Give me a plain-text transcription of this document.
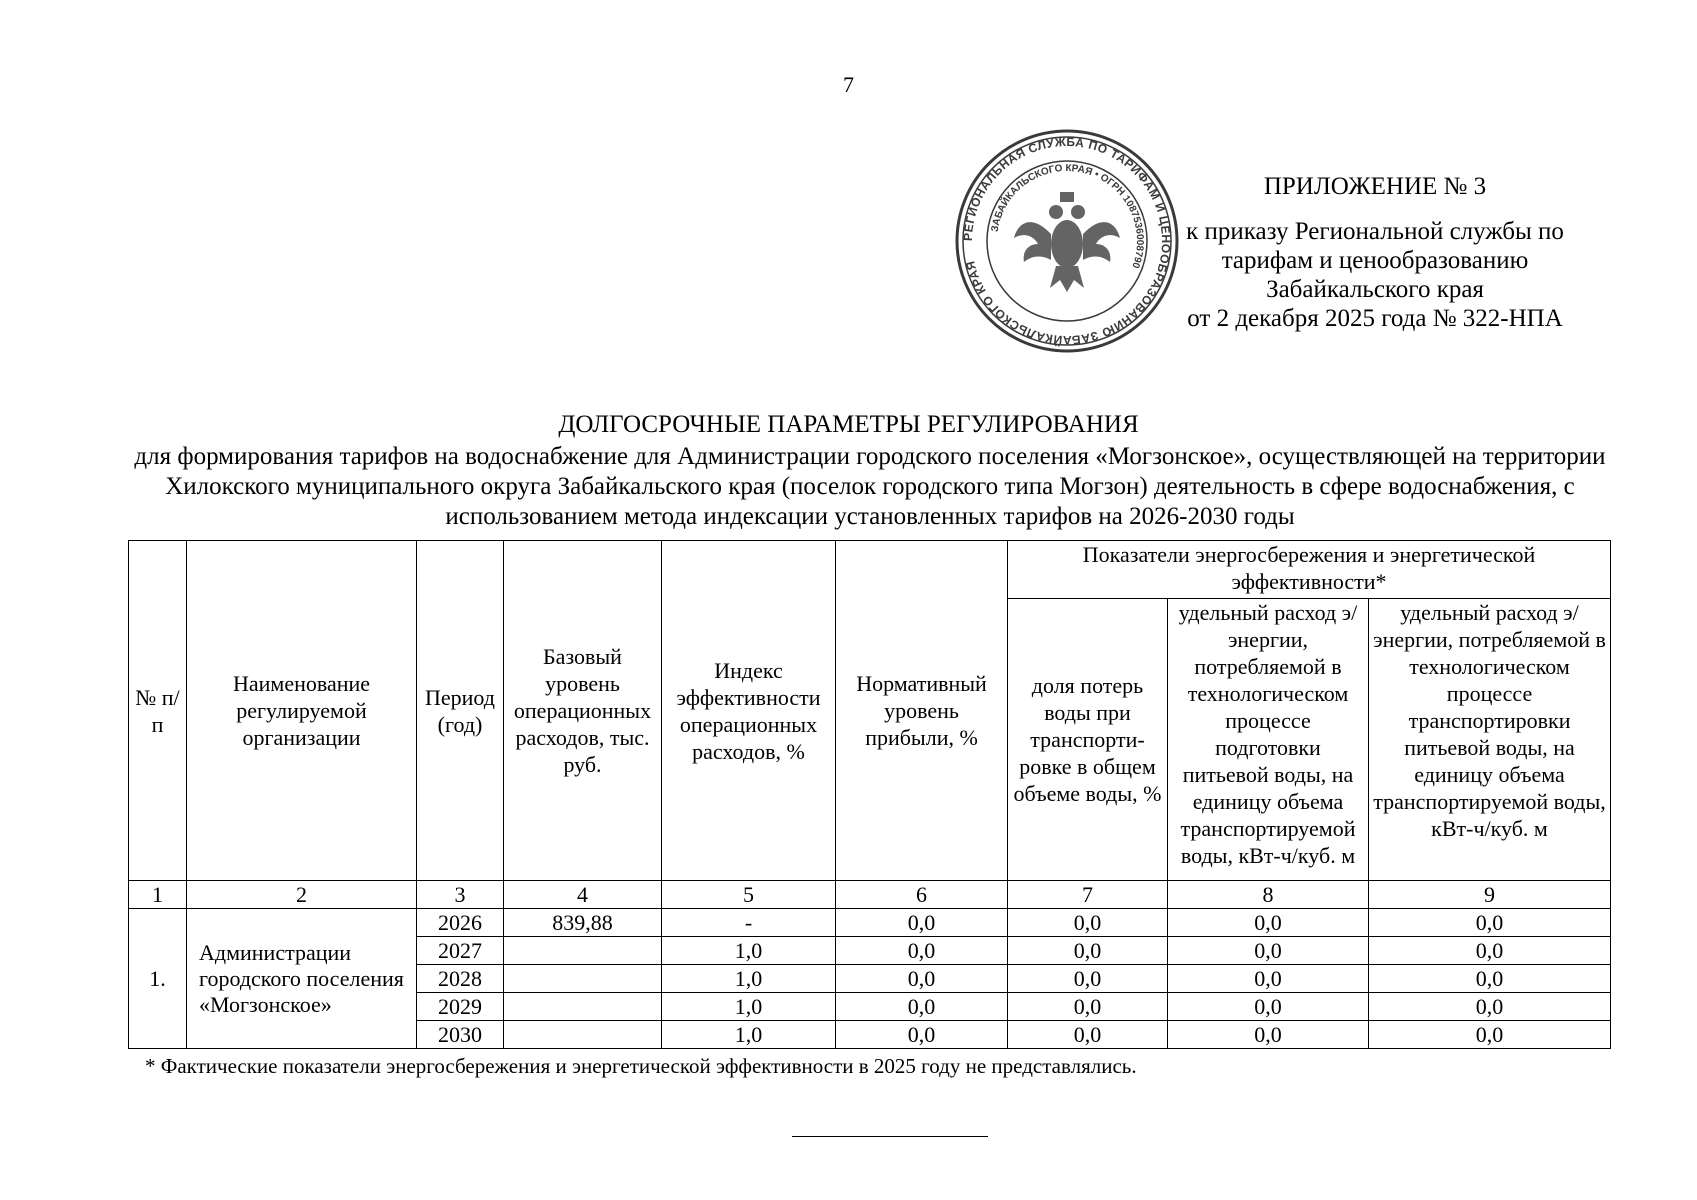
7
РЕГИОНАЛЬНАЯ СЛУЖБА ПО ТАРИФАМ И ЦЕНООБРАЗОВАНИЮ ЗАБАЙКАЛЬСКОГО КРАЯ
ЗАБАЙКАЛЬСКОГО КРАЯ • ОГРН 1087536008790
ПРИЛОЖЕНИЕ № 3
к приказу Региональной службы по
тарифам и ценообразованию
Забайкальского края
от 2 декабря 2025 года № 322-НПА
ДОЛГОСРОЧНЫЕ ПАРАМЕТРЫ РЕГУЛИРОВАНИЯ
для формирования тарифов на водоснабжение для Администрации городского поселения «Могзонское», осуществляющей на территории Хилокского муниципального округа Забайкальского края (поселок городского типа Могзон) деятельность в сфере водоснабжения, с использованием метода индексации установленных тарифов на 2026-2030 годы
№ п/п	Наименование регулируемой организации	Период (год)	Базовый уровень операционных расходов, тыс. руб.	Индекс эффективности операционных расходов, %	Нормативный уровень прибыли, %	Показатели энергосбережения и энергетической эффективности*		
						доля потерь воды при транспорти-ровке в общем объеме воды, %	удельный расход э/энергии, потребляемой в технологическом процессе подготовки питьевой воды, на единицу объема транспортируемой воды, кВт-ч/куб. м	удельный расход э/энергии, потребляемой в технологическом процессе транспортировки питьевой воды, на единицу объема транспортируемой воды, кВт-ч/куб. м
1	2	3	4	5	6	7	8	9
1.	Администрации городского поселения «Могзонское»	2026	839,88	-	0,0	0,0	0,0	0,0
		2027		1,0	0,0	0,0	0,0	0,0
		2028		1,0	0,0	0,0	0,0	0,0
		2029		1,0	0,0	0,0	0,0	0,0
		2030		1,0	0,0	0,0	0,0	0,0
* Фактические показатели энергосбережения и энергетической эффективности в 2025 году не представлялись.
